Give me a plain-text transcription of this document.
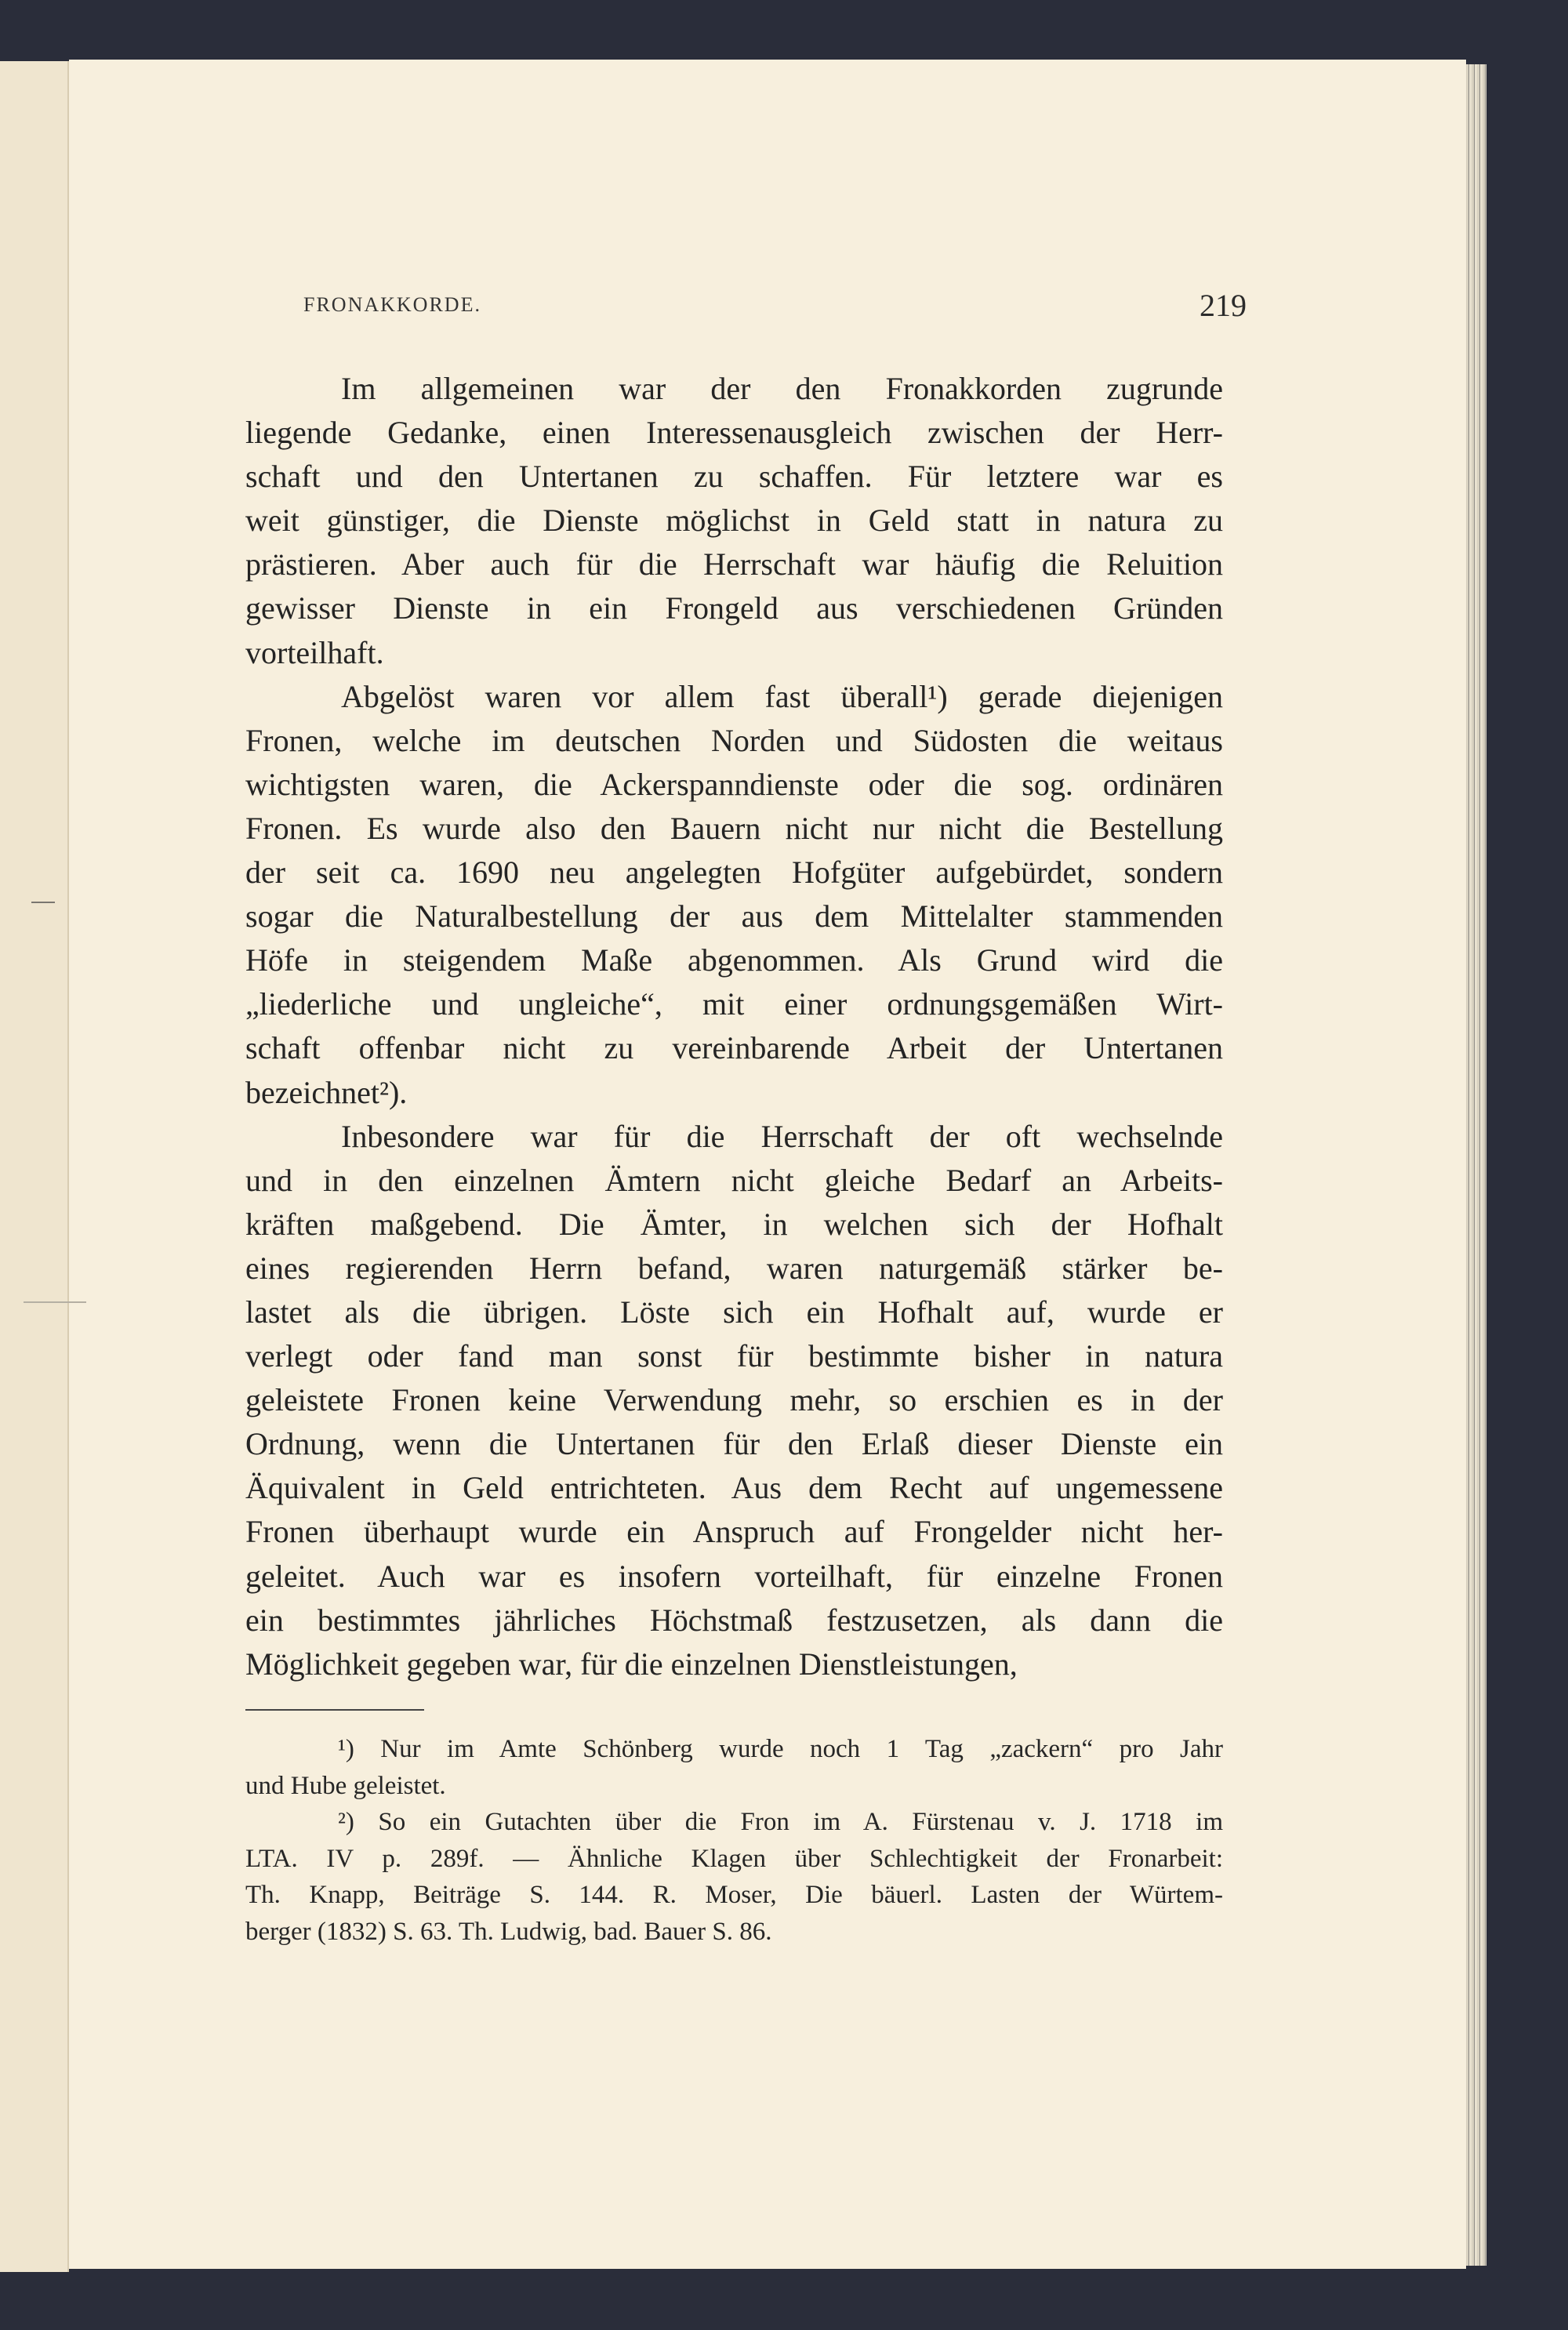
FRONAKKORDE.	219
Im allgemeinen war der den Fronakkorden zugrunde
liegende Gedanke, einen Interessenausgleich zwischen der Herr-
schaft und den Untertanen zu schaffen. Für letztere war es
weit günstiger, die Dienste möglichst in Geld statt in natura zu
prästieren. Aber auch für die Herrschaft war häufig die Reluition
gewisser Dienste in ein Frongeld aus verschiedenen Gründen
vorteilhaft.
Abgelöst waren vor allem fast überall¹) gerade diejenigen
Fronen, welche im deutschen Norden und Südosten die weitaus
wichtigsten waren, die Ackerspanndienste oder die sog. ordinären
Fronen. Es wurde also den Bauern nicht nur nicht die Bestellung
der seit ca. 1690 neu angelegten Hofgüter aufgebürdet, sondern
sogar die Naturalbestellung der aus dem Mittelalter stammenden
Höfe in steigendem Maße abgenommen. Als Grund wird die
„liederliche und ungleiche“, mit einer ordnungsgemäßen Wirt-
schaft offenbar nicht zu vereinbarende Arbeit der Untertanen
bezeichnet²).
Inbesondere war für die Herrschaft der oft wechselnde
und in den einzelnen Ämtern nicht gleiche Bedarf an Arbeits-
kräften maßgebend. Die Ämter, in welchen sich der Hofhalt
eines regierenden Herrn befand, waren naturgemäß stärker be-
lastet als die übrigen. Löste sich ein Hofhalt auf, wurde er
verlegt oder fand man sonst für bestimmte bisher in natura
geleistete Fronen keine Verwendung mehr, so erschien es in der
Ordnung, wenn die Untertanen für den Erlaß dieser Dienste ein
Äquivalent in Geld entrichteten. Aus dem Recht auf ungemessene
Fronen überhaupt wurde ein Anspruch auf Frongelder nicht her-
geleitet. Auch war es insofern vorteilhaft, für einzelne Fronen
ein bestimmtes jährliches Höchstmaß festzusetzen, als dann die
Möglichkeit gegeben war, für die einzelnen Dienstleistungen,
¹) Nur im Amte Schönberg wurde noch 1 Tag „zackern“ pro Jahr
und Hube geleistet.
²) So ein Gutachten über die Fron im A. Fürstenau v. J. 1718 im
LTA. IV p. 289f. — Ähnliche Klagen über Schlechtigkeit der Fronarbeit:
Th. Knapp, Beiträge S. 144. R. Moser, Die bäuerl. Lasten der Würtem-
berger (1832) S. 63. Th. Ludwig, bad. Bauer S. 86.
